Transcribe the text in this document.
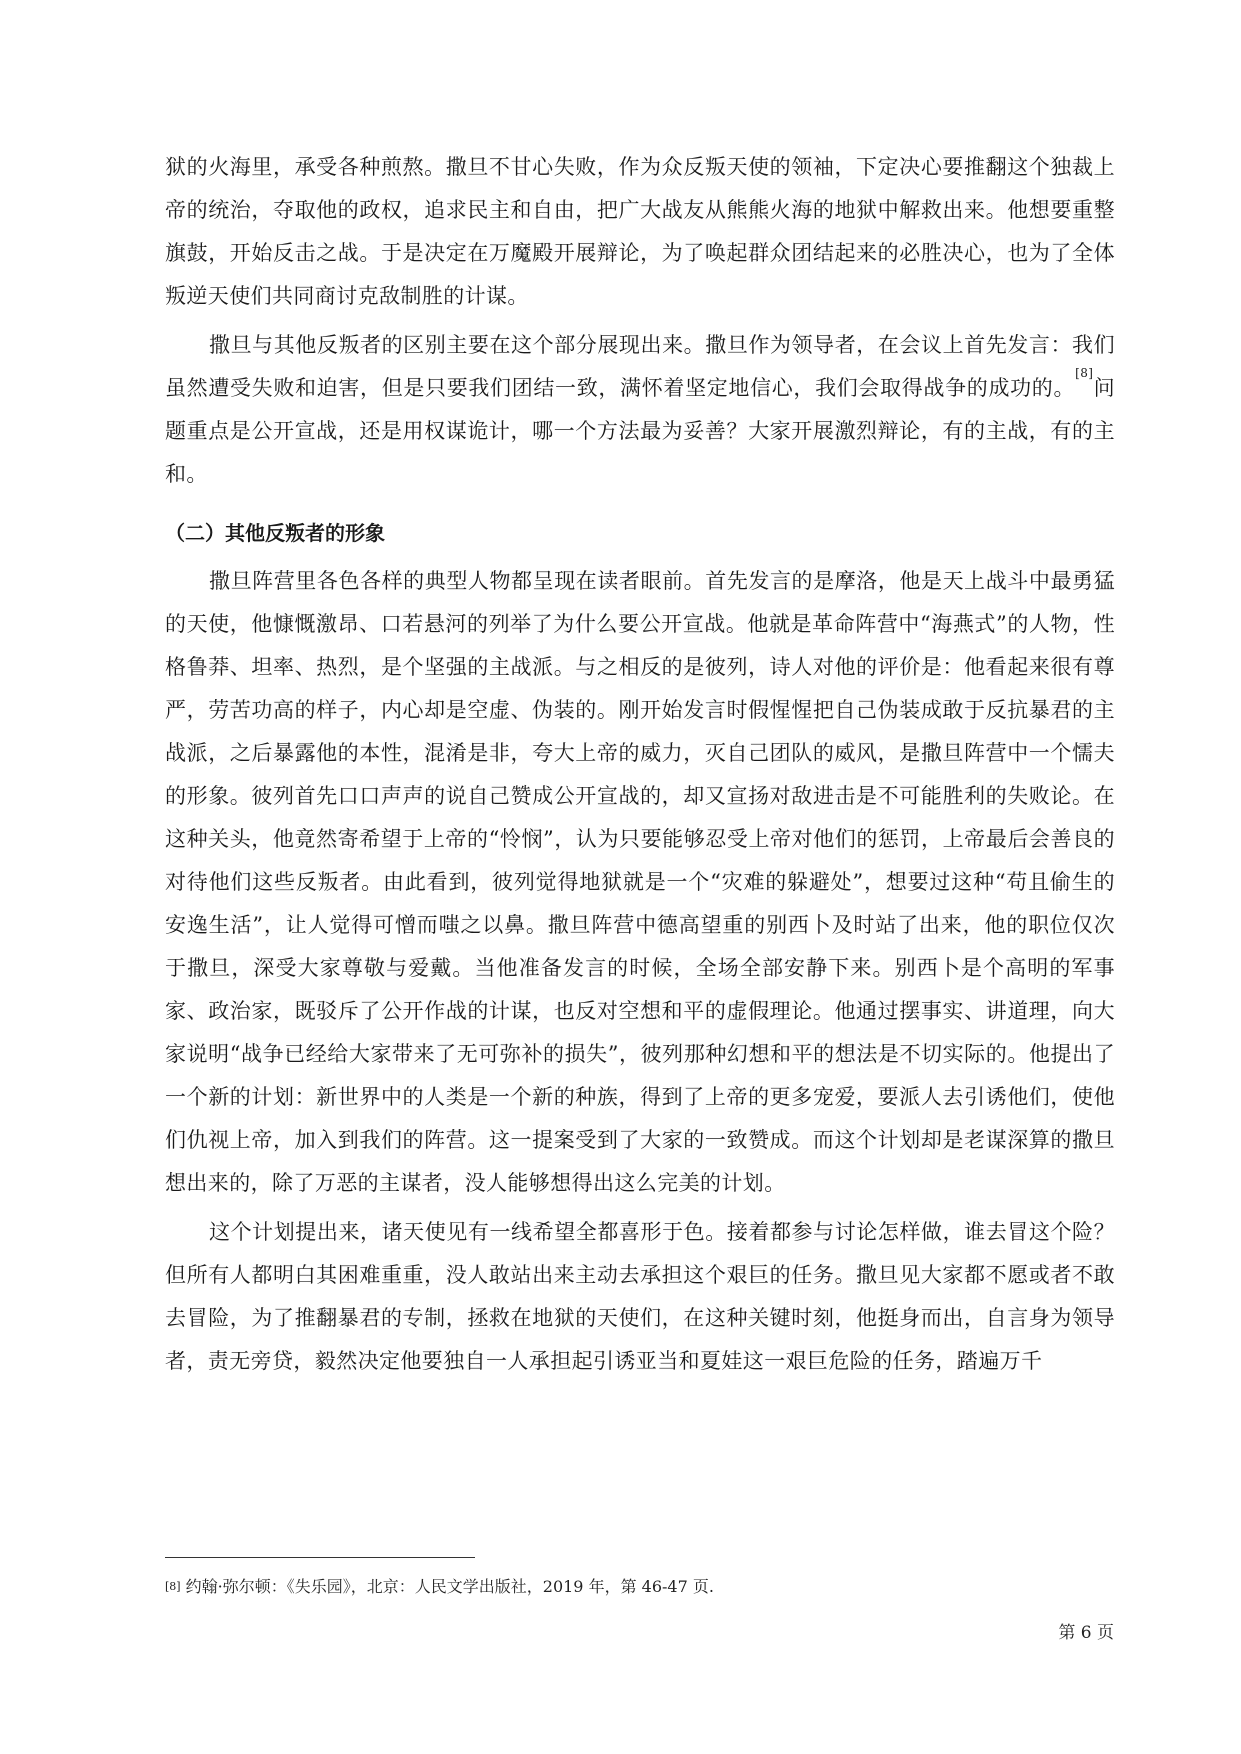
狱的火海里，承受各种煎熬。撒旦不甘心失败，作为众反叛天使的领袖，下定决心要推翻这个独裁上帝的统治，夺取他的政权，追求民主和自由，把广大战友从熊熊火海的地狱中解救出来。他想要重整旗鼓，开始反击之战。于是决定在万魔殿开展辩论，为了唤起群众团结起来的必胜决心，也为了全体叛逆天使们共同商讨克敌制胜的计谋。

撒旦与其他反叛者的区别主要在这个部分展现出来。撒旦作为领导者，在会议上首先发言：我们虽然遭受失败和迫害，但是只要我们团结一致，满怀着坚定地信心，我们会取得战争的成功的。[8]问题重点是公开宣战，还是用权谋诡计，哪一个方法最为妥善？大家开展激烈辩论，有的主战，有的主和。

（二）其他反叛者的形象

撒旦阵营里各色各样的典型人物都呈现在读者眼前。首先发言的是摩洛，他是天上战斗中最勇猛的天使，他慷慨激昂、口若悬河的列举了为什么要公开宣战。他就是革命阵营中“海燕式”的人物，性格鲁莽、坦率、热烈，是个坚强的主战派。与之相反的是彼列，诗人对他的评价是：他看起来很有尊严，劳苦功高的样子，内心却是空虚、伪装的。刚开始发言时假惺惺把自己伪装成敢于反抗暴君的主战派，之后暴露他的本性，混淆是非，夸大上帝的威力，灭自己团队的威风，是撒旦阵营中一个懦夫的形象。彼列首先口口声声的说自己赞成公开宣战的，却又宣扬对敌进击是不可能胜利的失败论。在这种关头，他竟然寄希望于上帝的“怜悯”，认为只要能够忍受上帝对他们的惩罚，上帝最后会善良的对待他们这些反叛者。由此看到，彼列觉得地狱就是一个“灾难的躲避处”，想要过这种“苟且偷生的安逸生活”，让人觉得可憎而嗤之以鼻。撒旦阵营中德高望重的别西卜及时站了出来，他的职位仅次于撒旦，深受大家尊敬与爱戴。当他准备发言的时候，全场全部安静下来。别西卜是个高明的军事家、政治家，既驳斥了公开作战的计谋，也反对空想和平的虚假理论。他通过摆事实、讲道理，向大家说明“战争已经给大家带来了无可弥补的损失”，彼列那种幻想和平的想法是不切实际的。他提出了一个新的计划：新世界中的人类是一个新的种族，得到了上帝的更多宠爱，要派人去引诱他们，使他们仇视上帝，加入到我们的阵营。这一提案受到了大家的一致赞成。而这个计划却是老谋深算的撒旦想出来的，除了万恶的主谋者，没人能够想得出这么完美的计划。

这个计划提出来，诸天使见有一线希望全都喜形于色。接着都参与讨论怎样做，谁去冒这个险？但所有人都明白其困难重重，没人敢站出来主动去承担这个艰巨的任务。撒旦见大家都不愿或者不敢去冒险，为了推翻暴君的专制，拯救在地狱的天使们，在这种关键时刻，他挺身而出，自言身为领导者，责无旁贷，毅然决定他要独自一人承担起引诱亚当和夏娃这一艰巨危险的任务，踏遍万千

[8] 约翰·弥尔顿：《失乐园》，北京：人民文学出版社，2019 年，第 46-47 页.
第 6 页
